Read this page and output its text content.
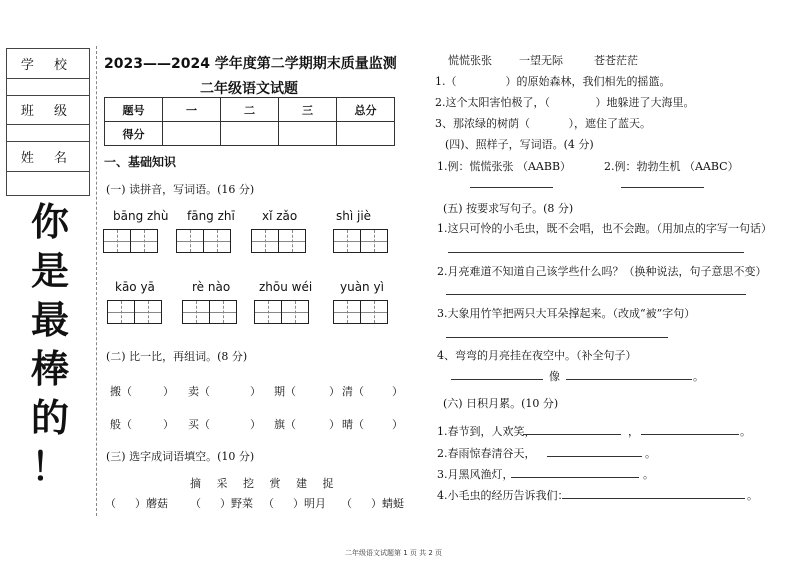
学 校
班 级
姓 名
你
是
最
棒
的
！
2023——2024 学年度第二学期期末质量监测
二年级语文试题
题号	一	二	三	总分
得分				
一、基础知识
(一) 读拼音，写词语。(16 分)
bāng zhù fāng zhī xǐ zǎo	shì jiè
kāo yā	rè nào zhōu wéi yuàn yì
(二) 比一比，再组词。(8 分)
搬（	） 卖（	） 期（	） 清（	）
般（	） 买（	） 旗（	） 晴（	）
(三) 选字成词语填空。(10 分)
摘 采 挖 赏 建 捉
（ ）蘑菇 （ ）野菜 （ ）明月 （ ）蜻蜓
慌慌张张 一望无际	苍苍茫茫
1.（              ）的原始森林，我们相先的摇篮。
2.这个太阳害怕极了，（             ）地躲进了大海里。
3、那浓绿的树荫（           ），遮住了蓝天。
(四)、照样子，写词语。(4 分)
1.例：慌慌张张 （AABB）	2.例：勃勃生机 （AABC）
(五) 按要求写句子。(8 分)
1.这只可怜的小毛虫，既不会唱，也不会跑。（用加点的字写一句话）
2.月亮难道不知道自己该学些什么吗？（换种说法，句子意思不变）
3.大象用竹竿把两只大耳朵撑起来。（改成“被”字句）
4、弯弯的月亮挂在夜空中。（补全句子）
像	。
(六) 日积月累。(10 分)
1.春节到，人欢笑，	，	。
2.春雨惊春清谷天，	。
3.月黑风渔灯，	。
4.小毛虫的经历告诉我们：	。
二年级语文试题第 1 页 共 2 页
